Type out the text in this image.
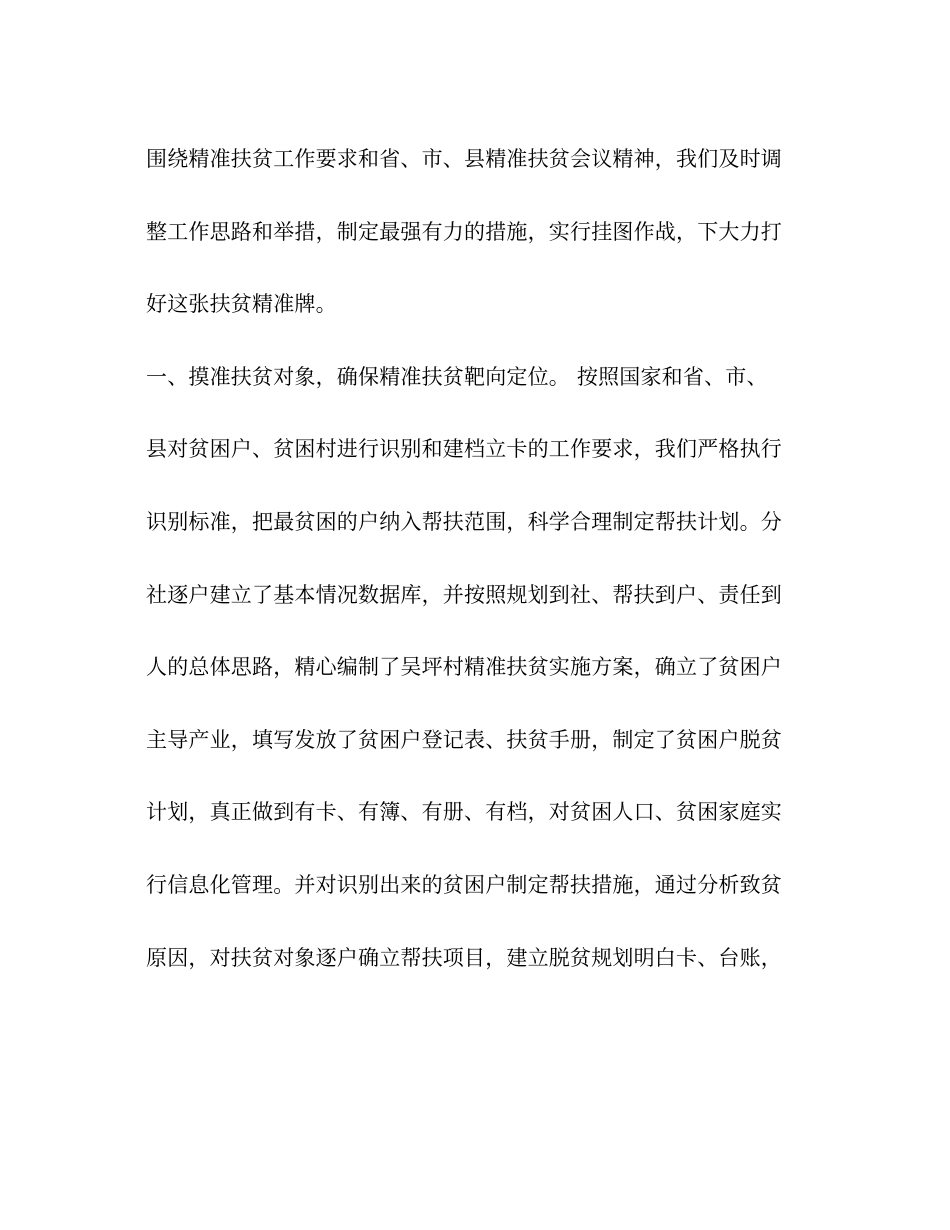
围绕精准扶贫工作要求和省、市、县精准扶贫会议精神，我们及时调
整工作思路和举措，制定最强有力的措施，实行挂图作战，下大力打
好这张扶贫精准牌。
一、摸准扶贫对象，确保精准扶贫靶向定位。 按照国家和省、市、
县对贫困户、贫困村进行识别和建档立卡的工作要求，我们严格执行
识别标准，把最贫困的户纳入帮扶范围，科学合理制定帮扶计划。分
社逐户建立了基本情况数据库，并按照规划到社、帮扶到户、责任到
人的总体思路，精心编制了吴坪村精准扶贫实施方案，确立了贫困户
主导产业，填写发放了贫困户登记表、扶贫手册，制定了贫困户脱贫
计划，真正做到有卡、有簿、有册、有档，对贫困人口、贫困家庭实
行信息化管理。并对识别出来的贫困户制定帮扶措施，通过分析致贫
原因，对扶贫对象逐户确立帮扶项目，建立脱贫规划明白卡、台账，
